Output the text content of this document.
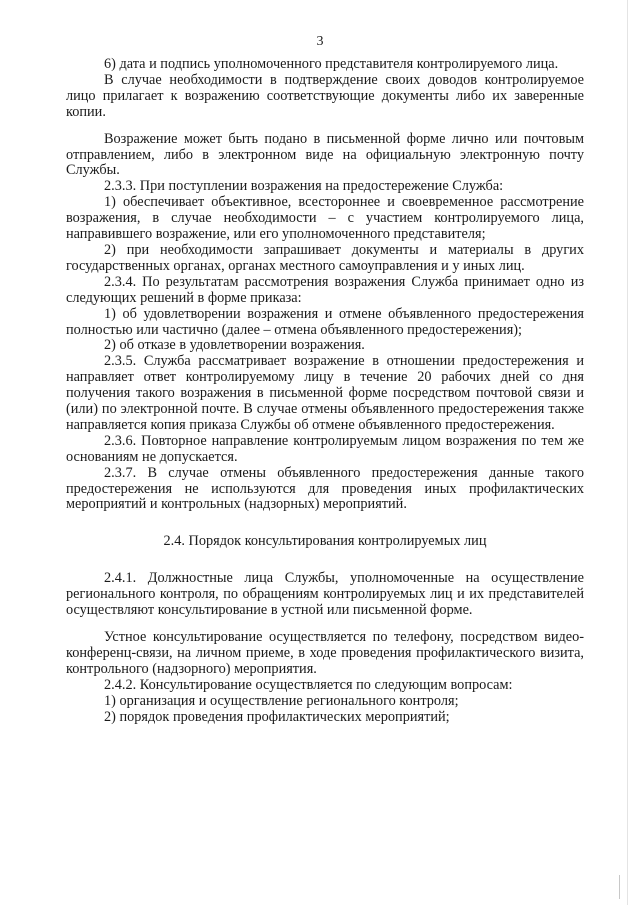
3

6) дата и подпись уполномоченного представителя контролируемого лица.

В случае необходимости в подтверждение своих доводов контролируемое лицо прилагает к возражению соответствующие документы либо их заверенные копии.

Возражение может быть подано в письменной форме лично или почтовым отправлением, либо в электронном виде на официальную электронную почту Службы.

2.3.3. При поступлении возражения на предостережение Служба:

1) обеспечивает объективное, всестороннее и своевременное рассмотрение возражения, в случае необходимости – с участием контролируемого лица, направившего возражение, или его уполномоченного представителя;

2) при необходимости запрашивает документы и материалы в других государственных органах, органах местного самоуправления и у иных лиц.

2.3.4. По результатам рассмотрения возражения Служба принимает одно из следующих решений в форме приказа:

1) об удовлетворении возражения и отмене объявленного предостережения полностью или частично (далее – отмена объявленного предостережения);

2) об отказе в удовлетворении возражения.

2.3.5. Служба рассматривает возражение в отношении предостережения и направляет ответ контролируемому лицу в течение 20 рабочих дней со дня получения такого возражения в письменной форме посредством почтовой связи и (или) по электронной почте. В случае отмены объявленного предостережения также направляется копия приказа Службы об отмене объявленного предостережения.

2.3.6. Повторное направление контролируемым лицом возражения по тем же основаниям не допускается.

2.3.7. В случае отмены объявленного предостережения данные такого предостережения не используются для проведения иных профилактических мероприятий и контрольных (надзорных) мероприятий.

2.4. Порядок консультирования контролируемых лиц

2.4.1. Должностные лица Службы, уполномоченные на осуществление регионального контроля, по обращениям контролируемых лиц и их представителей осуществляют консультирование в устной или письменной форме.

Устное консультирование осуществляется по телефону, посредством видео-конференц-связи, на личном приеме, в ходе проведения профилактического визита, контрольного (надзорного) мероприятия.

2.4.2. Консультирование осуществляется по следующим вопросам:

1) организация и осуществление регионального контроля;

2) порядок проведения профилактических мероприятий;
